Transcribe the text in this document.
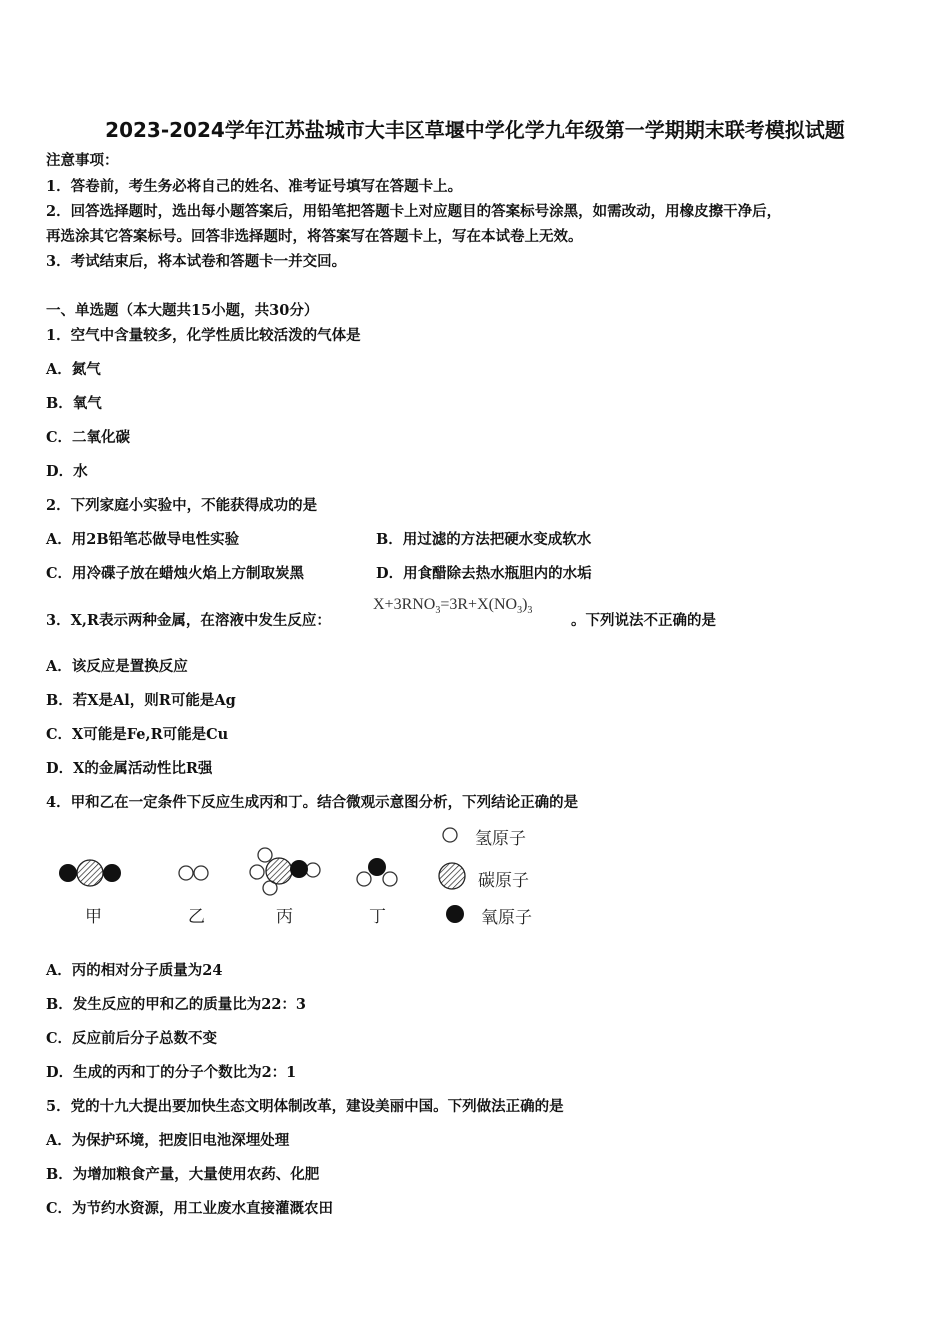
2023-2024学年江苏盐城市大丰区草堰中学化学九年级第一学期期末联考模拟试题
注意事项：
1．答卷前，考生务必将自己的姓名、准考证号填写在答题卡上。
2．回答选择题时，选出每小题答案后，用铅笔把答题卡上对应题目的答案标号涂黑，如需改动，用橡皮擦干净后，
再选涂其它答案标号。回答非选择题时，将答案写在答题卡上，写在本试卷上无效。
3．考试结束后，将本试卷和答题卡一并交回。
一、单选题（本大题共15小题，共30分）
1．空气中含量较多，化学性质比较活泼的气体是
A．氮气
B．氧气
C．二氧化碳
D．水
2．下列家庭小实验中，不能获得成功的是
A．用2B铅笔芯做导电性实验	B．用过滤的方法把硬水变成软水
C．用冷碟子放在蜡烛火焰上方制取炭黑	D．用食醋除去热水瓶胆内的水垢
3．X,R表示两种金属，在溶液中发生反应：
$X+3RNO_3=3R+X(NO_3)_3$
。下列说法不正确的是
A．该反应是置换反应
B．若X是Al，则R可能是Ag
C．X可能是Fe,R可能是Cu
D．X的金属活动性比R强
4．甲和乙在一定条件下反应生成丙和丁。结合微观示意图分析，下列结论正确的是
甲	乙	丙	丁
氢原子
碳原子
氧原子
A．丙的相对分子质量为24
B．发生反应的甲和乙的质量比为22：3
C．反应前后分子总数不变
D．生成的丙和丁的分子个数比为2：1
5．党的十九大提出要加快生态文明体制改革，建设美丽中国。下列做法正确的是
A．为保护环境，把废旧电池深埋处理
B．为增加粮食产量，大量使用农药、化肥
C．为节约水资源，用工业废水直接灌溉农田
